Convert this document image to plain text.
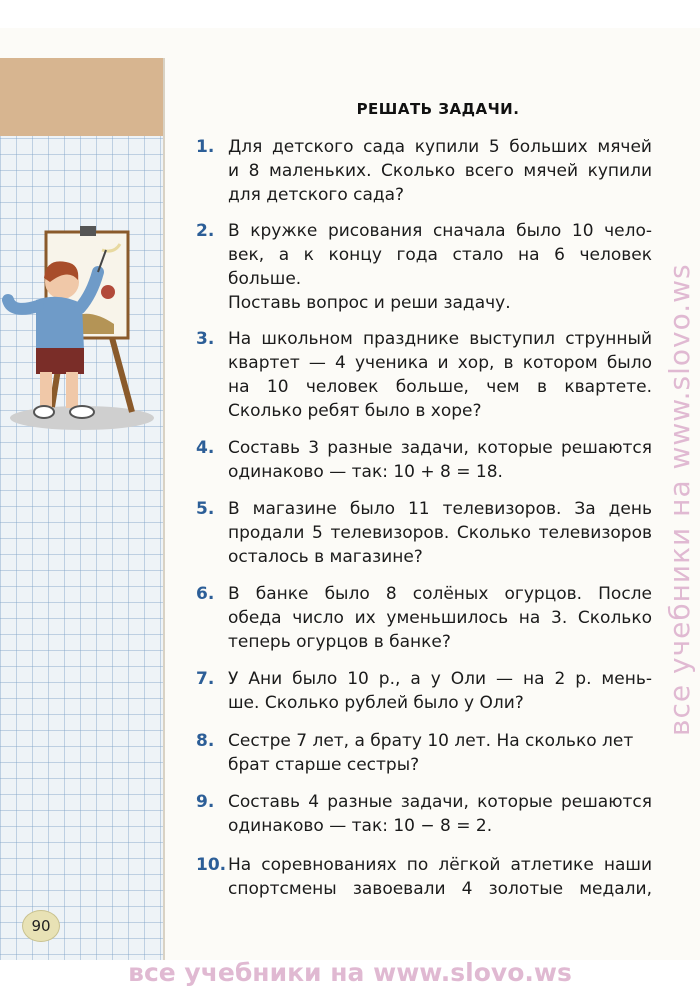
РЕШАТЬ ЗАДАЧИ.
1. Для детского сада купили 5 больших мячей
и 8 маленьких. Сколько всего мячей купили
для детского сада?
2. В кружке рисования сначала было 10 чело-
век, а к концу года стало на 6 человек
больше.
Поставь вопрос и реши задачу.
3. На школьном празднике выступил струнный
квартет — 4 ученика и хор, в котором было
на 10 человек больше, чем в квартете.
Сколько ребят было в хоре?
4. Составь 3 разные задачи, которые решаются
одинаково — так: 10 + 8 = 18.
5. В магазине было 11 телевизоров. За день
продали 5 телевизоров. Сколько телевизоров
осталось в магазине?
6. В банке было 8 солёных огурцов. После
обеда число их уменьшилось на 3. Сколько
теперь огурцов в банке?
7. У Ани было 10 р., а у Оли — на 2 р. мень-
ше. Сколько рублей было у Оли?
8. Сестре 7 лет, а брату 10 лет. На сколько лет
брат старше сестры?
9. Составь 4 разные задачи, которые решаются
одинаково — так: 10 − 8 = 2.
10. На соревнованиях по лёгкой атлетике наши
спортсмены завоевали 4 золотые медали,
90
все учебники на www.slovo.ws
все учебники на www.slovo.ws
